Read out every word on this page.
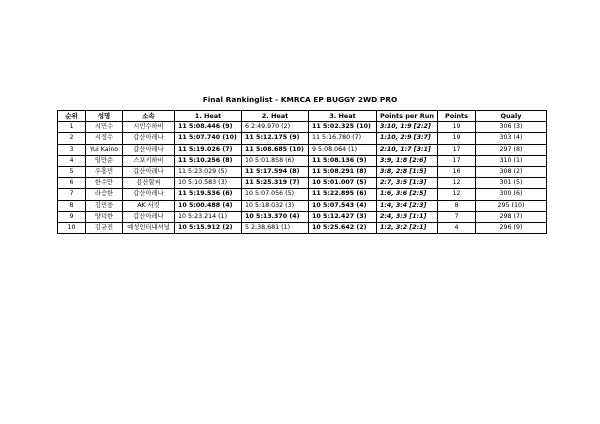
Final Rankinglist - KMRCA EP BUGGY 2WD PRO
순위	성명	소속	1. Heat	2. Heat	3. Heat	Points per Run	Points	Qualy
1	시민수	시민수하비	11 5:08.446 (9)	6 2:49.970 (2)	11 5:02.325 (10)	3:10, 1:9 [2:2]	19	306 (3)
2	시정수	갑산아레나	11 5:07.740 (10)	11 5:12.175 (9)	11 5:16.780 (7)	1:10, 2:9 [3:7]	19	303 (4)
3	Yui Kaino	갑산아레나	11 5:19.026 (7)	11 5:08.685 (10)	9 5:08.064 (1)	2:10, 1:7 [3:1]	17	297 (8)
4	임만순	스포키하비	11 5:10.256 (8)	10 5:01.858 (6)	11 5:08.136 (9)	3:9, 1:8 [2:6]	17	310 (1)
5	우홍민	갑산아레나	11 5:23.029 (5)	11 5:17.594 (8)	11 5:08.291 (8)	3:8, 2:8 [1:5]	16	308 (2)
6	한수만	용산할씨	10 5:10.583 (3)	11 5:25.319 (7)	10 5:01.007 (5)	2:7, 3:5 [1:3]	12	301 (5)
7	라승한	갑산아레나	11 5:19.536 (6)	10 5:07.056 (5)	11 5:22.895 (6)	1:6, 3:6 [2:5]	12	300 (6)
8	김민웅	AK 서킷	10 5:00.488 (4)	10 5:18.032 (3)	10 5:07.543 (4)	1:4, 3:4 [2:3]	8	295 (10)
9	양덕한	갑산아레나	10 5:23.214 (1)	10 5:13.370 (4)	10 5:12.427 (3)	2:4, 3:3 [1:1]	7	298 (7)
10	김규진	예성인터내셔널	10 5:15.912 (2)	5 2:38.681 (1)	10 5:25.642 (2)	1:2, 3:2 [2:1]	4	296 (9)
